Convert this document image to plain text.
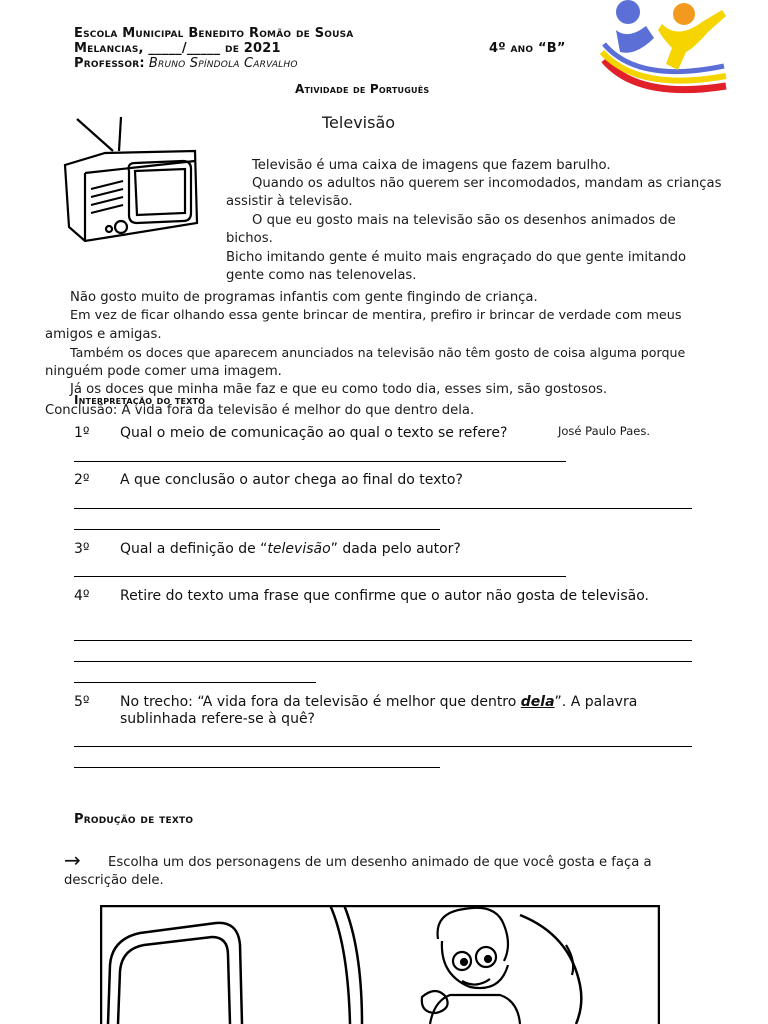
Escola Municipal Benedito Romão de Sousa
Melancias, _____/_____ de 2021	4º ano “B”
Professor: Bruno Spíndola Carvalho
Atividade de Português
Televisão
Televisão é uma caixa de imagens que fazem barulho.
Quando os adultos não querem ser incomodados, mandam as crianças
assistir à televisão.
O que eu gosto mais na televisão são os desenhos animados de
bichos.
Bicho imitando gente é muito mais engraçado do que gente imitando
gente como nas telenovelas.
Não gosto muito de programas infantis com gente fingindo de criança.
Em vez de ficar olhando essa gente brincar de mentira, prefiro ir brincar de verdade com meus
amigos e amigas.
Também os doces que aparecem anunciados na televisão não têm gosto de coisa alguma porque
ninguém pode comer uma imagem.
Já os doces que minha mãe faz e que eu como todo dia, esses sim, são gostosos.
Conclusão: A vida fora da televisão é melhor do que dentro dela.
José Paulo Paes.
Interpretação do texto
1º Qual o meio de comunicação ao qual o texto se refere?
2º A que conclusão o autor chega ao final do texto?
3º Qual a definição de “televisão” dada pelo autor?
4º Retire do texto uma frase que confirme que o autor não gosta de televisão.
5º No trecho: “A vida fora da televisão é melhor que dentro dela”. A palavra sublinhada refere-se à quê?
Produção de texto
→ Escolha um dos personagens de um desenho animado de que você gosta e faça a
descrição dele.
